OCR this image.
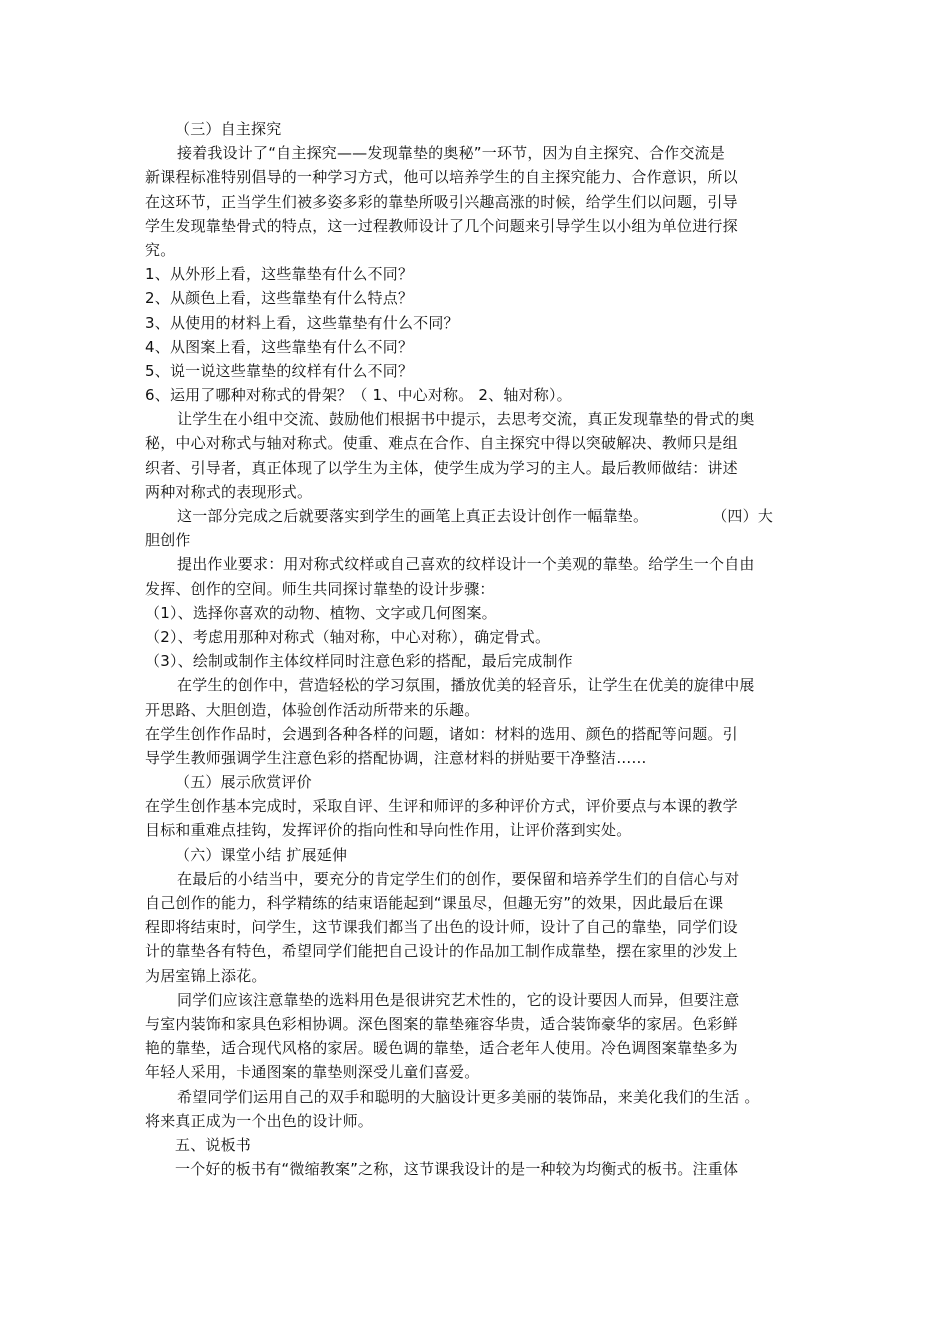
（三）自主探究
接着我设计了“自主探究——发现靠垫的奥秘”一环节，因为自主探究、合作交流是
新课程标准特别倡导的一种学习方式，他可以培养学生的自主探究能力、合作意识，所以
在这环节，正当学生们被多姿多彩的靠垫所吸引兴趣高涨的时候，给学生们以问题，引导
学生发现靠垫骨式的特点，这一过程教师设计了几个问题来引导学生以小组为单位进行探
究。
1、从外形上看，这些靠垫有什么不同？
2、从颜色上看，这些靠垫有什么特点？
3、从使用的材料上看，这些靠垫有什么不同？
4、从图案上看，这些靠垫有什么不同？
5、说一说这些靠垫的纹样有什么不同？
6、运用了哪种对称式的骨架？（ 1、中心对称。 2、轴对称）。
让学生在小组中交流、鼓励他们根据书中提示，去思考交流，真正发现靠垫的骨式的奥
秘，中心对称式与轴对称式。使重、难点在合作、自主探究中得以突破解决、教师只是组
织者、引导者，真正体现了以学生为主体，使学生成为学习的主人。最后教师做结：讲述
两种对称式的表现形式。
这一部分完成之后就要落实到学生的画笔上真正去设计创作一幅靠垫。	（四）大
胆创作
提出作业要求：用对称式纹样或自己喜欢的纹样设计一个美观的靠垫。给学生一个自由
发挥、创作的空间。师生共同探讨靠垫的设计步骤：
（1）、选择你喜欢的动物、植物、文字或几何图案。
（2）、考虑用那种对称式（轴对称，中心对称），确定骨式。
（3）、绘制或制作主体纹样同时注意色彩的搭配，最后完成制作
在学生的创作中，营造轻松的学习氛围，播放优美的轻音乐，让学生在优美的旋律中展
开思路、大胆创造，体验创作活动所带来的乐趣。
在学生创作作品时，会遇到各种各样的问题，诸如：材料的选用、颜色的搭配等问题。引
导学生教师强调学生注意色彩的搭配协调，注意材料的拼贴要干净整洁……
（五）展示欣赏评价
在学生创作基本完成时，采取自评、生评和师评的多种评价方式，评价要点与本课的教学
目标和重难点挂钩，发挥评价的指向性和导向性作用，让评价落到实处。
（六）课堂小结 扩展延伸
在最后的小结当中，要充分的肯定学生们的创作，要保留和培养学生们的自信心与对
自己创作的能力，科学精练的结束语能起到“课虽尽，但趣无穷”的效果，因此最后在课
程即将结束时，问学生，这节课我们都当了出色的设计师，设计了自己的靠垫，同学们设
计的靠垫各有特色，希望同学们能把自己设计的作品加工制作成靠垫，摆在家里的沙发上
为居室锦上添花。
同学们应该注意靠垫的选料用色是很讲究艺术性的，它的设计要因人而异，但要注意
与室内装饰和家具色彩相协调。深色图案的靠垫雍容华贵，适合装饰豪华的家居。色彩鲜
艳的靠垫，适合现代风格的家居。暖色调的靠垫，适合老年人使用。冷色调图案靠垫多为
年轻人采用，卡通图案的靠垫则深受儿童们喜爱。
希望同学们运用自己的双手和聪明的大脑设计更多美丽的装饰品，来美化我们的生活 。
将来真正成为一个出色的设计师。
五、说板书
一个好的板书有“微缩教案”之称，这节课我设计的是一种较为均衡式的板书。注重体
